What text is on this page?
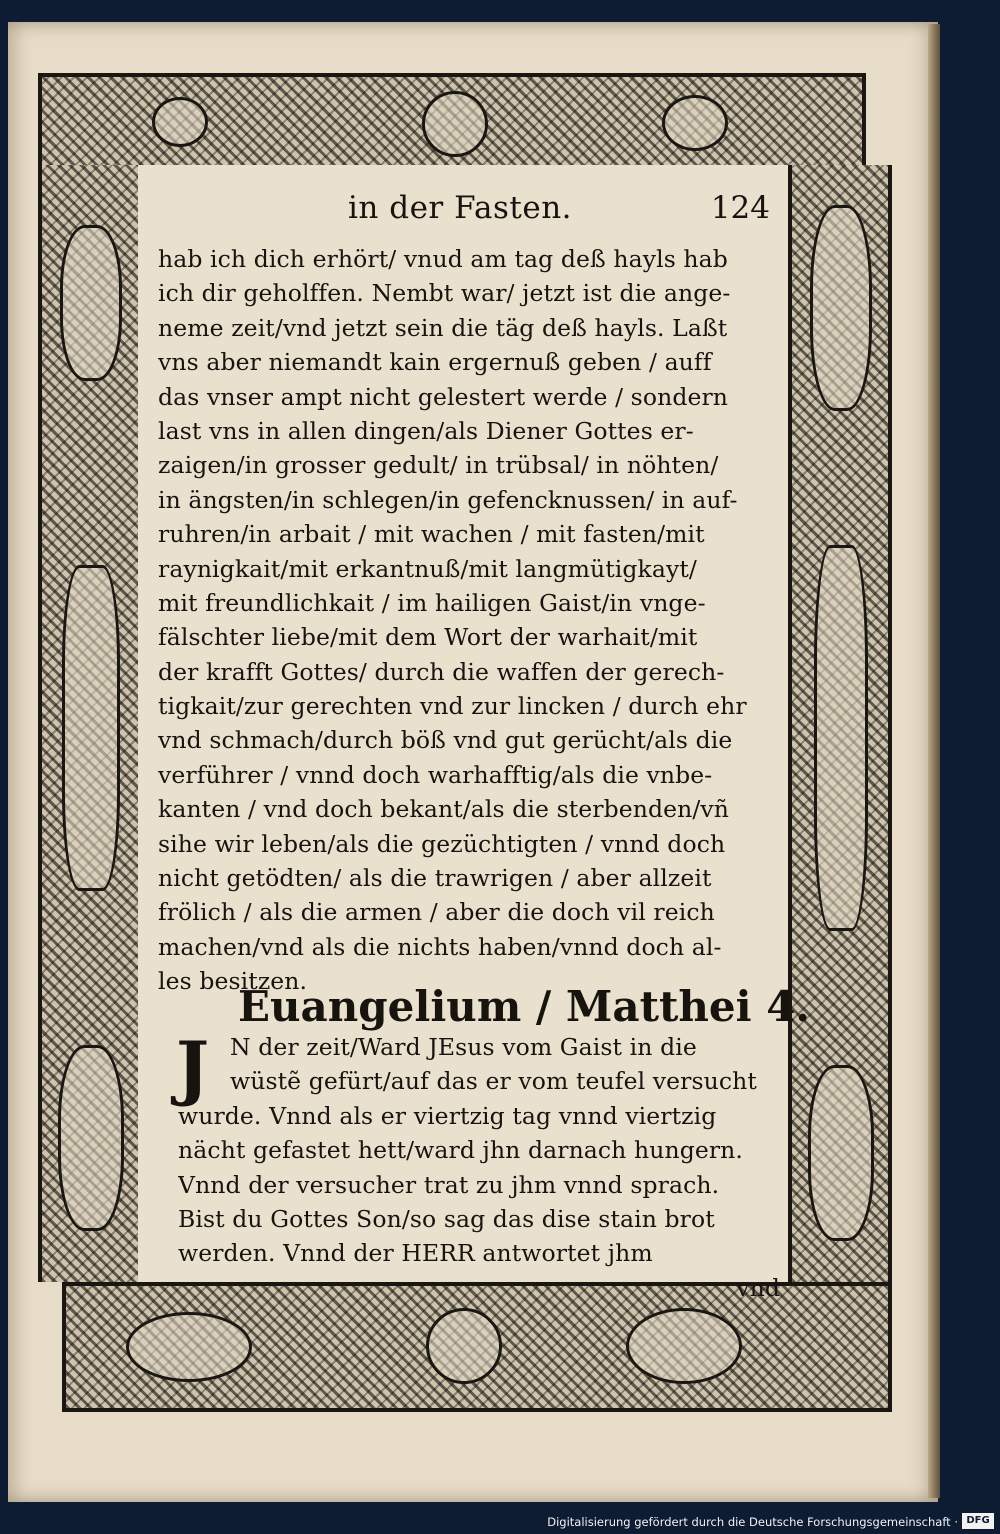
in der Fasten.	124
hab ich dich erhört/ vnud am tag deß hayls hab
ich dir geholffen. Nembt war/ jetzt ist die ange-
neme zeit/vnd jetzt sein die täg deß hayls. Laßt
vns aber niemandt kain ergernuß geben / auff
das vnser ampt nicht gelestert werde / sondern
last vns in allen dingen/als Diener Gottes er-
zaigen/in grosser gedult/ in trübsal/ in nöhten/
in ängsten/in schlegen/in gefencknussen/ in auf-
ruhren/in arbait / mit wachen / mit fasten/mit
raynigkait/mit erkantnuß/mit langmütigkayt/
mit freundlichkait / im hailigen Gaist/in vnge-
fälschter liebe/mit dem Wort der warhait/mit
der krafft Gottes/ durch die waffen der gerech-
tigkait/zur gerechten vnd zur lincken / durch ehr
vnd schmach/durch böß vnd gut gerücht/als die
verführer / vnnd doch warhafftig/als die vnbe-
kanten / vnd doch bekant/als die sterbenden/vñ
sihe wir leben/als die gezüchtigten / vnnd doch
nicht getödten/ als die trawrigen / aber allzeit
frölich / als die armen / aber die doch vil reich
machen/vnd als die nichts haben/vnnd doch al-
les besitzen.
Euangelium / Matthei 4.
J N der zeit/Ward JEsus vom Gaist in die
wüstẽ gefürt/auf das er vom teufel versucht
wurde. Vnnd als er viertzig tag vnnd viertzig
nächt gefastet hett/ward jhn darnach hungern.
Vnnd der versucher trat zu jhm vnnd sprach.
Bist du Gottes Son/so sag das dise stain brot
werden. Vnnd der HERR antwortet jhm
vnd
Digitalisierung gefördert durch die Deutsche Forschungsgemeinschaft · DFG
